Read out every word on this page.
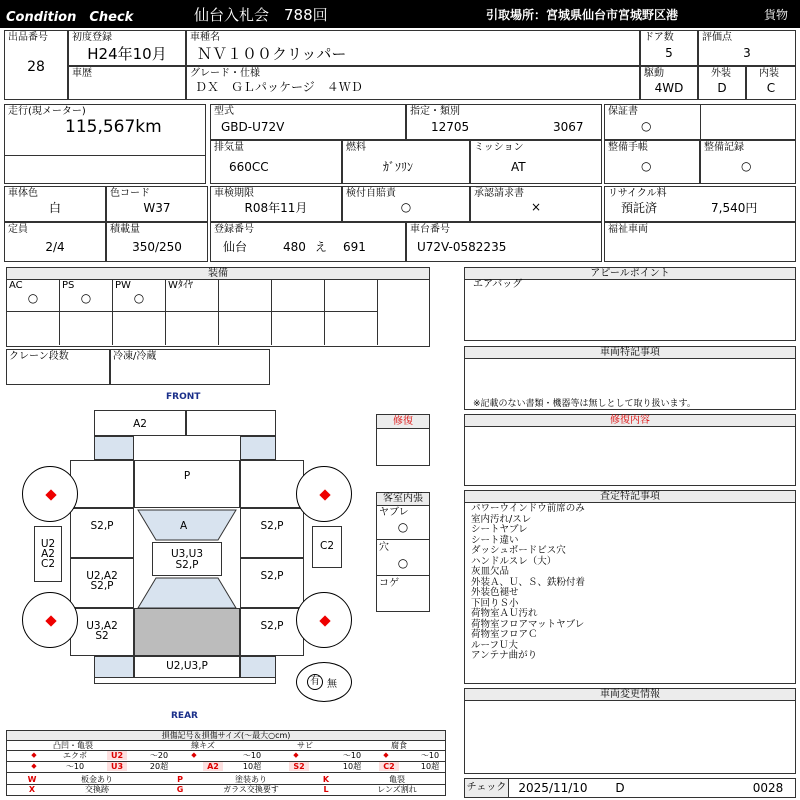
Condition　Check	仙台入札会　788回	引取場所：宮城県仙台市宮城野区港	貨物
出品番号
28
初度登録
H24年10月
車種名
ＮＶ１００クリッパー
ドア数
5
評価点
3
車歴	グレード・仕様
ＤＸ　ＧＬパッケージ　４ＷＤ
駆動
4WD
外装
D
内装
C
走行(現メーター)
115,567km
型式
GBD-U72V
指定・類別
12705	3067
保証書
○
排気量
660CC
燃料
ｶﾞｿﾘﾝ
ミッション
AT
整備手帳
○
整備記録
○
車体色
白
色コード
W37
車検期限
R08年11月
検付自賠責
○
承認請求書
×
リサイクル料
預託済	7,540円
定員
2/4
積載量
350/250
登録番号
仙台	480 え 691
車台番号
U72V-0582235
福祉車両
装備
AC
○
PS
○
PW
○
Wﾀｲﾔ
クレーン段数	冷凍/冷蔵
アピールポイント
エアバッグ
車両特記事項
※記載のない書類・機器等は無しとして取り扱います。
修復内容
査定特記事項
パワーウインドウ前席のみ
室内汚れ/スレ
シートヤブレ
シート違い
ダッシュボードビス穴
ハンドルスレ（大）
灰皿欠品
外装Ａ、Ｕ、Ｓ、鉄粉付着
外装色褪せ
下回りＳ小
荷物室ＡＵ汚れ
荷物室フロアマットヤブレ
荷物室フロアＣ
ルーフＵ大
アンテナ曲がり
車両変更情報
チェック	2025/11/10	D	0028
修復
客室内張
ヤブレ
○
穴
○
コゲ
FRONT
REAR
A2
P
S2,P	S2,P
A
U3,U3
S2,P
U2,A2
S2,P
S2,P
U3,A2
S2
S2,P
U2,U3,P
U2
A2
C2
C2
有 無
損傷記号＆損傷サイズ(～最大○cm)
凸凹・亀裂	線キズ	サビ	腐食
◆	エクボ	U2	～20	◆	～10	◆	～10	◆	～10
◆	～10	U3	20超	A2	10超	S2	10超	C2	10超
W	板金あり	P	塗装あり	K	亀裂
X	交換跡	G	ガラス交換要す	L	レンズ割れ
